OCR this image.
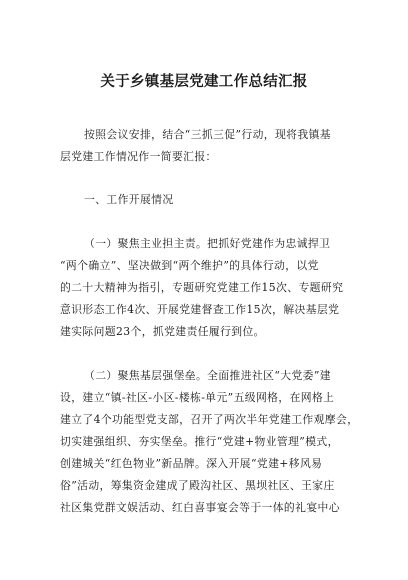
关于乡镇基层党建工作总结汇报
按照会议安排，结合“三抓三促”行动，现将我镇基
层党建工作情况作一简要汇报：
一、工作开展情况
（一）聚焦主业担主责。把抓好党建作为忠诚捍卫
“两个确立”、坚决做到“两个维护”的具体行动，以党
的二十大精神为指引，专题研究党建工作15次、专题研究
意识形态工作4次、开展党建督查工作15次，解决基层党
建实际问题23个，抓党建责任履行到位。
（二）聚焦基层强堡垒。全面推进社区“大党委”建
设，建立“镇-社区-小区-楼栋-单元”五级网格，在网格上
建立了4个功能型党支部，召开了两次半年党建工作观摩会，
切实建强组织、夯实堡垒。推行“党建+物业管理”模式，
创建城关“红色物业”新品牌。深入开展“党建+移风易
俗”活动，筹集资金建成了殿沟社区、黑坝社区、王家庄
社区集党群文娱活动、红白喜事宴会等于一体的礼宴中心
